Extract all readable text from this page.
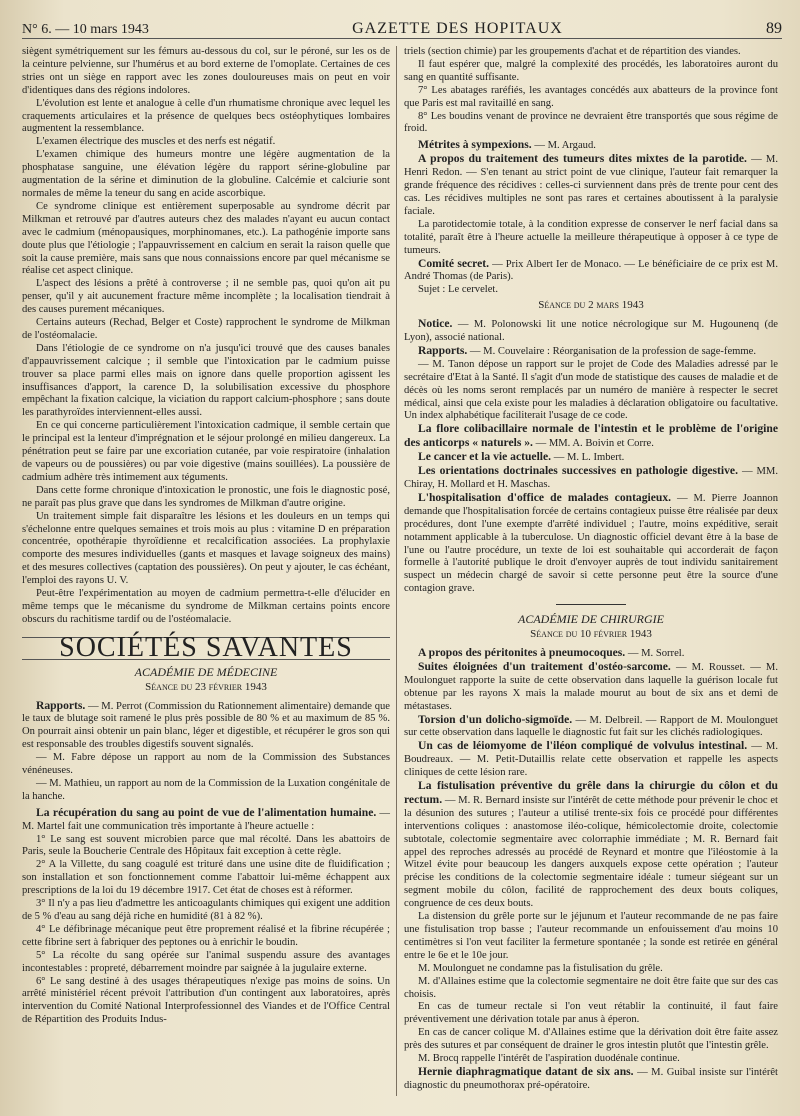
N° 6. — 10 mars 1943	GAZETTE DES HOPITAUX	89

siègent symétriquement sur les fémurs au-dessous du col, sur le péroné, sur les os de la ceinture pelvienne, sur l'humérus et au bord externe de l'omoplate. Certaines de ces stries ont un siège en rapport avec les zones douloureuses mais on peut en voir d'identiques dans des régions indolores.

L'évolution est lente et analogue à celle d'un rhumatisme chronique avec lequel les craquements articulaires et la présence de quelques becs ostéophytiques lombaires augmentent la ressemblance.

L'examen électrique des muscles et des nerfs est négatif.

L'examen chimique des humeurs montre une légère augmentation de la phosphatase sanguine, une élévation légère du rapport sérine-globuline par augmentation de la sérine et diminution de la globuline. Calcémie et calciurie sont normales de même la teneur du sang en acide ascorbique.

Ce syndrome clinique est entièrement superposable au syndrome décrit par Milkman et retrouvé par d'autres auteurs chez des malades n'ayant eu aucun contact avec le cadmium (ménopausiques, morphinomanes, etc.). La pathogénie importe sans doute plus que l'étiologie ; l'appauvrissement en calcium en serait la raison quelle que soit la cause première, mais sans que nous connaissions encore par quel mécanisme se réalise cet aspect clinique.

L'aspect des lésions a prêté à controverse ; il ne semble pas, quoi qu'on ait pu penser, qu'il y ait aucunement fracture même incomplète ; la localisation tiendrait à des causes purement mécaniques.

Certains auteurs (Rechad, Belger et Coste) rapprochent le syndrome de Milkman de l'ostéomalacie.

Dans l'étiologie de ce syndrome on n'a jusqu'ici trouvé que des causes banales d'appauvrissement calcique ; il semble que l'intoxication par le cadmium puisse trouver sa place parmi elles mais on ignore dans quelle proportion agissent les insuffisances d'apport, la carence D, la solubilisation excessive du phosphore empêchant la fixation calcique, la viciation du rapport calcium-phosphore ; sans doute les parathyroïdes interviennent-elles aussi.

En ce qui concerne particulièrement l'intoxication cadmique, il semble certain que le principal est la lenteur d'imprégnation et le séjour prolongé en milieu dangereux. La pénétration peut se faire par une excoriation cutanée, par voie respiratoire (inhalation de vapeurs ou de poussières) ou par voie digestive (mains souillées). La poussière de cadmium adhère très intimement aux téguments.

Dans cette forme chronique d'intoxication le pronostic, une fois le diagnostic posé, ne paraît pas plus grave que dans les syndromes de Milkman d'autre origine.

Un traitement simple fait disparaître les lésions et les douleurs en un temps qui s'échelonne entre quelques semaines et trois mois au plus : vitamine D en préparation concentrée, opothérapie thyroïdienne et recalcification associées. La prophylaxie comporte des mesures individuelles (gants et masques et lavage soigneux des mains) et des mesures collectives (captation des poussières). On peut y ajouter, le cas échéant, l'emploi des rayons U. V.

Peut-être l'expérimentation au moyen de cadmium permettra-t-elle d'élucider en même temps que le mécanisme du syndrome de Milkman certains points encore obscurs du rachitisme tardif ou de l'ostéomalacie.

SOCIÉTÉS SAVANTES
ACADÉMIE DE MÉDECINE
Séance du 23 février 1943

Rapports. — M. Perrot (Commission du Rationnement alimentaire) demande que le taux de blutage soit ramené le plus près possible de 80 % et au maximum de 85 %. On pourrait ainsi obtenir un pain blanc, léger et digestible, et récupérer le gros son qui est responsable des troubles digestifs souvent signalés.

— M. Fabre dépose un rapport au nom de la Commission des Substances vénéneuses.

— M. Mathieu, un rapport au nom de la Commission de la Luxation congénitale de la hanche.

La récupération du sang au point de vue de l'alimentation humaine. — M. Martel fait une communication très importante à l'heure actuelle :

1° Le sang est souvent microbien parce que mal récolté. Dans les abattoirs de Paris, seule la Boucherie Centrale des Hôpitaux fait exception à cette règle.

2° A la Villette, du sang coagulé est trituré dans une usine dite de fluidification ; son installation et son fonctionnement comme l'abattoir lui-même échappent aux prescriptions de la loi du 19 décembre 1917. Cet état de choses est à réformer.

3° Il n'y a pas lieu d'admettre les anticoagulants chimiques qui exigent une addition de 5 % d'eau au sang déjà riche en humidité (81 à 82 %).

4° Le défibrinage mécanique peut être proprement réalisé et la fibrine récupérée ; cette fibrine sert à fabriquer des peptones ou à enrichir le boudin.

5° La récolte du sang opérée sur l'animal suspendu assure des avantages incontestables : propreté, débarrement moindre par saignée à la jugulaire externe.

6° Le sang destiné à des usages thérapeutiques n'exige pas moins de soins. Un arrêté ministériel récent prévoit l'attribution d'un contingent aux laboratoires, après intervention du Comité National Interprofessionnel des Viandes et de l'Office Central de Répartition des Produits Indus-

triels (section chimie) par les groupements d'achat et de répartition des viandes.

Il faut espérer que, malgré la complexité des procédés, les laboratoires auront du sang en quantité suffisante.

7° Les abatages raréfiés, les avantages concédés aux abatteurs de la province font que Paris est mal ravitaillé en sang.

8° Les boudins venant de province ne devraient être transportés que sous régime de froid.

Métrites à sympexions. — M. Argaud.

A propos du traitement des tumeurs dites mixtes de la parotide. — M. Henri Redon. — S'en tenant au strict point de vue clinique, l'auteur fait remarquer la grande fréquence des récidives : celles-ci surviennent dans près de trente pour cent des cas. Les récidives multiples ne sont pas rares et certaines aboutissent à la paralysie faciale.

La parotidectomie totale, à la condition expresse de conserver le nerf facial dans sa totalité, paraît être à l'heure actuelle la meilleure thérapeutique à opposer à ce type de tumeurs.

Comité secret. — Prix Albert Ier de Monaco. — Le bénéficiaire de ce prix est M. André Thomas (de Paris).

Sujet : Le cervelet.

Séance du 2 mars 1943

Notice. — M. Polonowski lit une notice nécrologique sur M. Hugounenq (de Lyon), associé national.

Rapports. — M. Couvelaire : Réorganisation de la profession de sage-femme.

— M. Tanon dépose un rapport sur le projet de Code des Maladies adressé par le secrétaire d'Etat à la Santé. Il s'agit d'un mode de statistique des causes de maladie et de décès où les noms seront remplacés par un numéro de manière à respecter le secret médical, ainsi que cela existe pour les maladies à déclaration obligatoire ou facultative. Un index alphabétique faciliterait l'usage de ce code.

La flore colibacillaire normale de l'intestin et le problème de l'origine des anticorps « naturels ». — MM. A. Boivin et Corre.

Le cancer et la vie actuelle. — M. L. Imbert.

Les orientations doctrinales successives en pathologie digestive. — MM. Chiray, H. Mollard et H. Maschas.

L'hospitalisation d'office de malades contagieux. — M. Pierre Joannon demande que l'hospitalisation forcée de certains contagieux puisse être réalisée par deux procédures, dont l'une exempte d'arrêté individuel ; l'autre, moins expéditive, serait notamment applicable à la tuberculose. Un diagnostic officiel devant être à la base de l'une ou l'autre procédure, un texte de loi est souhaitable qui accorderait de façon formelle à l'autorité publique le droit d'envoyer auprès de tout individu sanitairement suspect un médecin chargé de savoir si cette personne peut être la source d'une contagion grave.

ACADÉMIE DE CHIRURGIE
Séance du 10 février 1943

A propos des péritonites à pneumocoques. — M. Sorrel.

Suites éloignées d'un traitement d'ostéo-sarcome. — M. Rousset. — M. Moulonguet rapporte la suite de cette observation dans laquelle la guérison locale fut obtenue par les rayons X mais la malade mourut au bout de six ans et demi de métastases.

Torsion d'un dolicho-sigmoïde. — M. Delbreil. — Rapport de M. Moulonguet sur cette observation dans laquelle le diagnostic fut fait sur les clichés radiologiques.

Un cas de léiomyome de l'iléon compliqué de volvulus intestinal. — M. Boudreaux. — M. Petit-Dutaillis relate cette observation et rappelle les aspects cliniques de cette lésion rare.

La fistulisation préventive du grêle dans la chirurgie du côlon et du rectum. — M. R. Bernard insiste sur l'intérêt de cette méthode pour prévenir le choc et la désunion des sutures ; l'auteur a utilisé trente-six fois ce procédé pour différentes interventions coliques : anastomose iléo-colique, hémicolectomie droite, colectomie subtotale, colectomie segmentaire avec colorraphie immédiate ; M. R. Bernard fait appel des reproches adressés au procédé de Reynard et montre que l'iléostomie à la Witzel évite pour beaucoup les dangers auxquels expose cette opération ; l'auteur précise les conditions de la colectomie segmentaire idéale : tumeur siégeant sur un segment mobile du côlon, facilité de rapprochement des deux bouts coliques, congruence de ces deux bouts.

La distension du grêle porte sur le jéjunum et l'auteur recommande de ne pas faire une fistulisation trop basse ; l'auteur recommande un enfouissement d'au moins 10 centimètres si l'on veut faciliter la fermeture spontanée ; la sonde est retirée en général entre le 6e et le 10e jour.

M. Moulonguet ne condamne pas la fistulisation du grêle.

M. d'Allaines estime que la colectomie segmentaire ne doit être faite que sur des cas choisis.

En cas de tumeur rectale si l'on veut rétablir la continuité, il faut faire préventivement une dérivation totale par anus à éperon.

En cas de cancer colique M. d'Allaines estime que la dérivation doit être faite assez près des sutures et par conséquent de drainer le gros intestin plutôt que l'intestin grêle.

M. Brocq rappelle l'intérêt de l'aspiration duodénale continue.

Hernie diaphragmatique datant de six ans. — M. Guibal insiste sur l'intérêt diagnostic du pneumothorax pré-opératoire.
